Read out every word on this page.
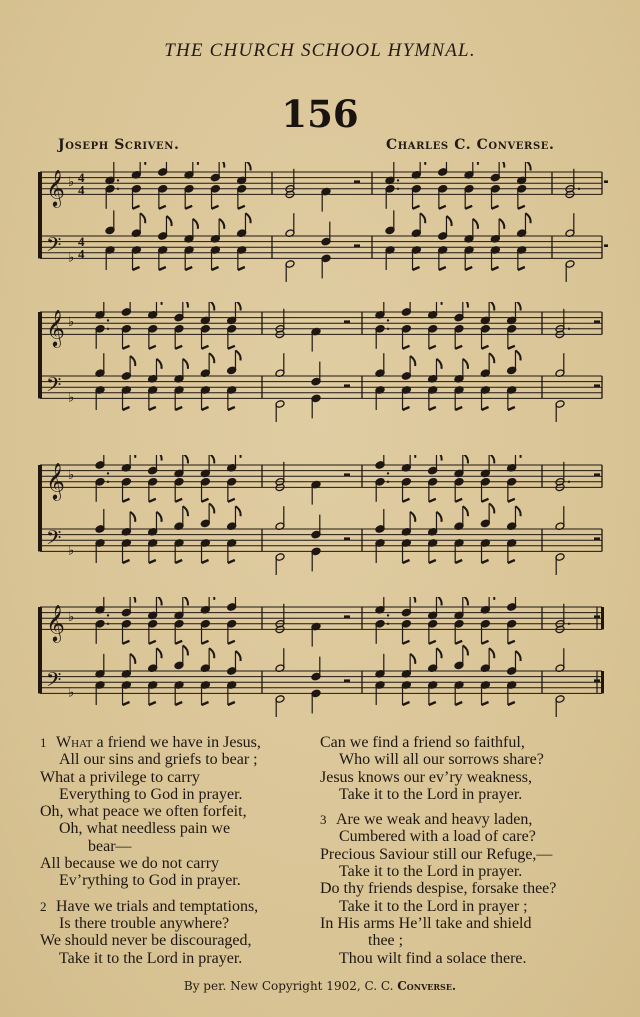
THE CHURCH SCHOOL HYMNAL.
156
Joseph Scriven.	Charles C. Converse.
𝄞
𝄢
♭
♭
4
4
4
4
𝄞
𝄢
♭
♭
𝄞
𝄢
♭
♭
𝄞
𝄢
♭
♭
1 What a friend we have in Jesus,
All our sins and griefs to bear ;
What a privilege to carry
Everything to God in prayer.
Oh, what peace we often forfeit,
Oh, what needless pain we
bear—
All because we do not carry
Ev’rything to God in prayer.
2 Have we trials and temptations,
Is there trouble anywhere?
We should never be discouraged,
Take it to the Lord in prayer.
Can we find a friend so faithful,
Who will all our sorrows share?
Jesus knows our ev’ry weakness,
Take it to the Lord in prayer.
3 Are we weak and heavy laden,
Cumbered with a load of care?
Precious Saviour still our Refuge,—
Take it to the Lord in prayer.
Do thy friends despise, forsake thee?
Take it to the Lord in prayer ;
In His arms He’ll take and shield
thee ;
Thou wilt find a solace there.
By per. New Copyright 1902, C. C. Converse.
